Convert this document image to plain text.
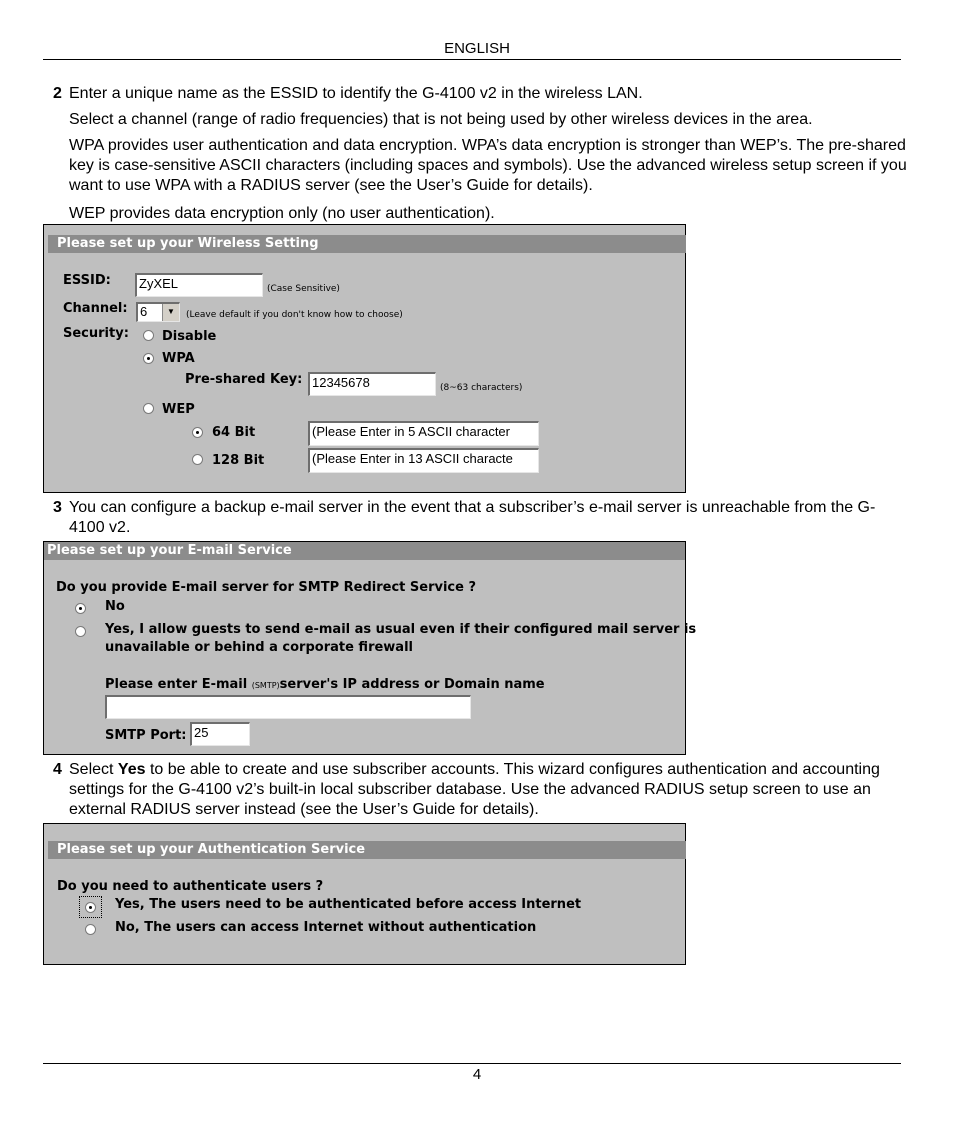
ENGLISH
2 Enter a unique name as the ESSID to identify the G-4100 v2 in the wireless LAN.
Select a channel (range of radio frequencies) that is not being used by other wireless devices in the area.
WPA provides user authentication and data encryption. WPA’s data encryption is stronger than WEP’s. The pre-shared key is case-sensitive ASCII characters (including spaces and symbols). Use the advanced wireless setup screen if you want to use WPA with a RADIUS server (see the User’s Guide for details).
WEP provides data encryption only (no user authentication).
Please set up your Wireless Setting
ESSID:	ZyXEL	(Case Sensitive)
Channel: 6	▼	(Leave default if you don't know how to choose)
Security:	Disable
WPA
Pre-shared Key: 12345678	(8~63 characters)
WEP
64 Bit	(Please Enter in 5 ASCII character
128 Bit	(Please Enter in 13 ASCII characte
3 You can configure a backup e-mail server in the event that a subscriber’s e-mail server is unreachable from the G-4100 v2.
Please set up your E-mail Service
Do you provide E-mail server for SMTP Redirect Service ?
No
Yes, I allow guests to send e-mail as usual even if their configured mail server is
unavailable or behind a corporate firewall
Please enter E-mail (SMTP)server's IP address or Domain name
SMTP Port: 25
4 Select Yes to be able to create and use subscriber accounts. This wizard configures authentication and accounting settings for the G-4100 v2’s built-in local subscriber database. Use the advanced RADIUS setup screen to use an external RADIUS server instead (see the User’s Guide for details).
Please set up your Authentication Service
Do you need to authenticate users ?
Yes, The users need to be authenticated before access Internet
No, The users can access Internet without authentication
4
